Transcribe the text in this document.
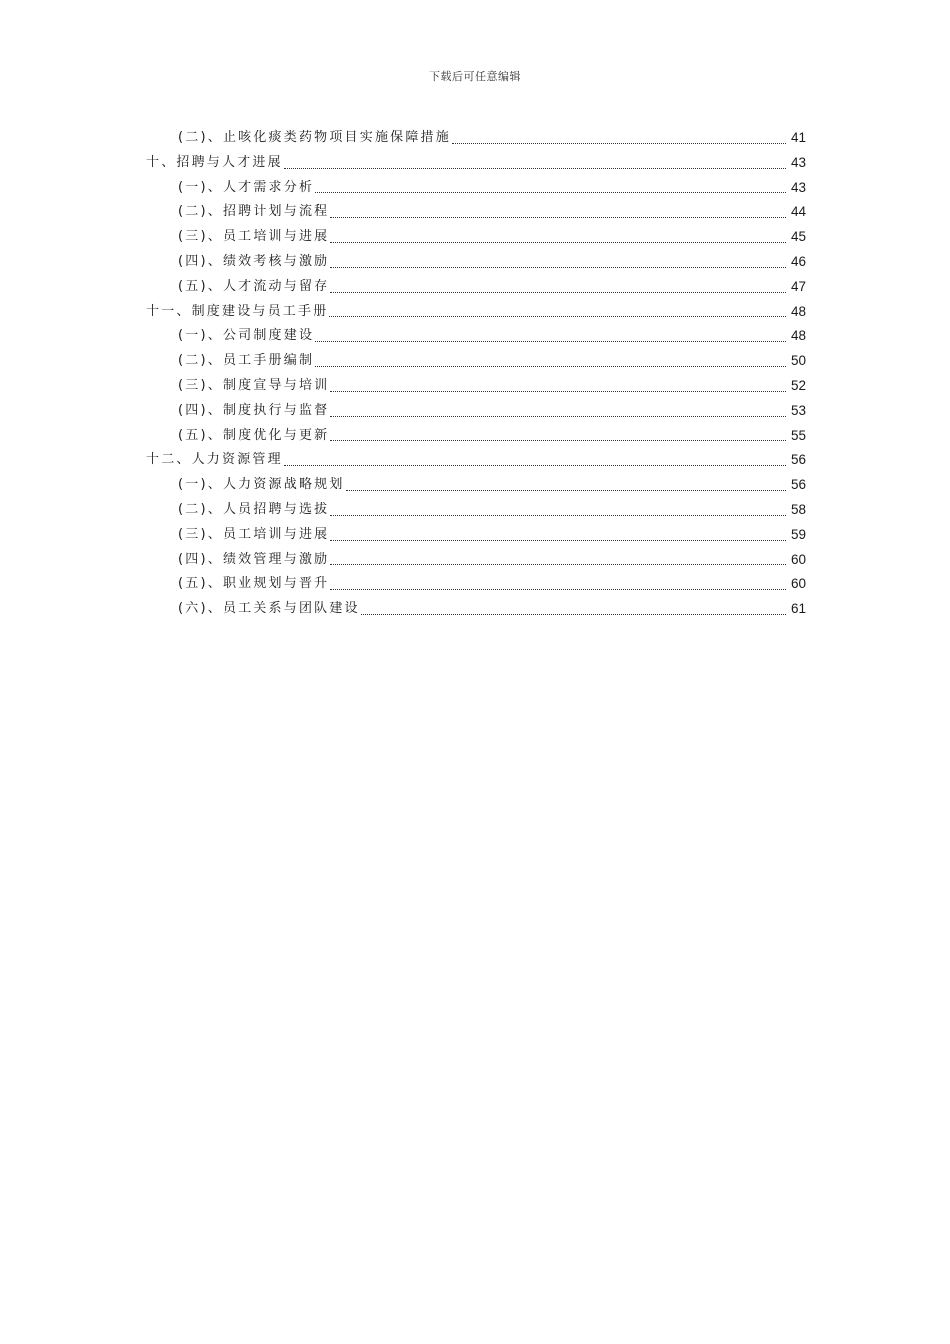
下载后可任意编辑
(二)、止咳化痰类药物项目实施保障措施	41
十、招聘与人才进展	43
(一)、人才需求分析	43
(二)、招聘计划与流程	44
(三)、员工培训与进展	45
(四)、绩效考核与激励	46
(五)、人才流动与留存	47
十一、制度建设与员工手册	48
(一)、公司制度建设	48
(二)、员工手册编制	50
(三)、制度宣导与培训	52
(四)、制度执行与监督	53
(五)、制度优化与更新	55
十二、人力资源管理	56
(一)、人力资源战略规划	56
(二)、人员招聘与选拔	58
(三)、员工培训与进展	59
(四)、绩效管理与激励	60
(五)、职业规划与晋升	60
(六)、员工关系与团队建设	61
